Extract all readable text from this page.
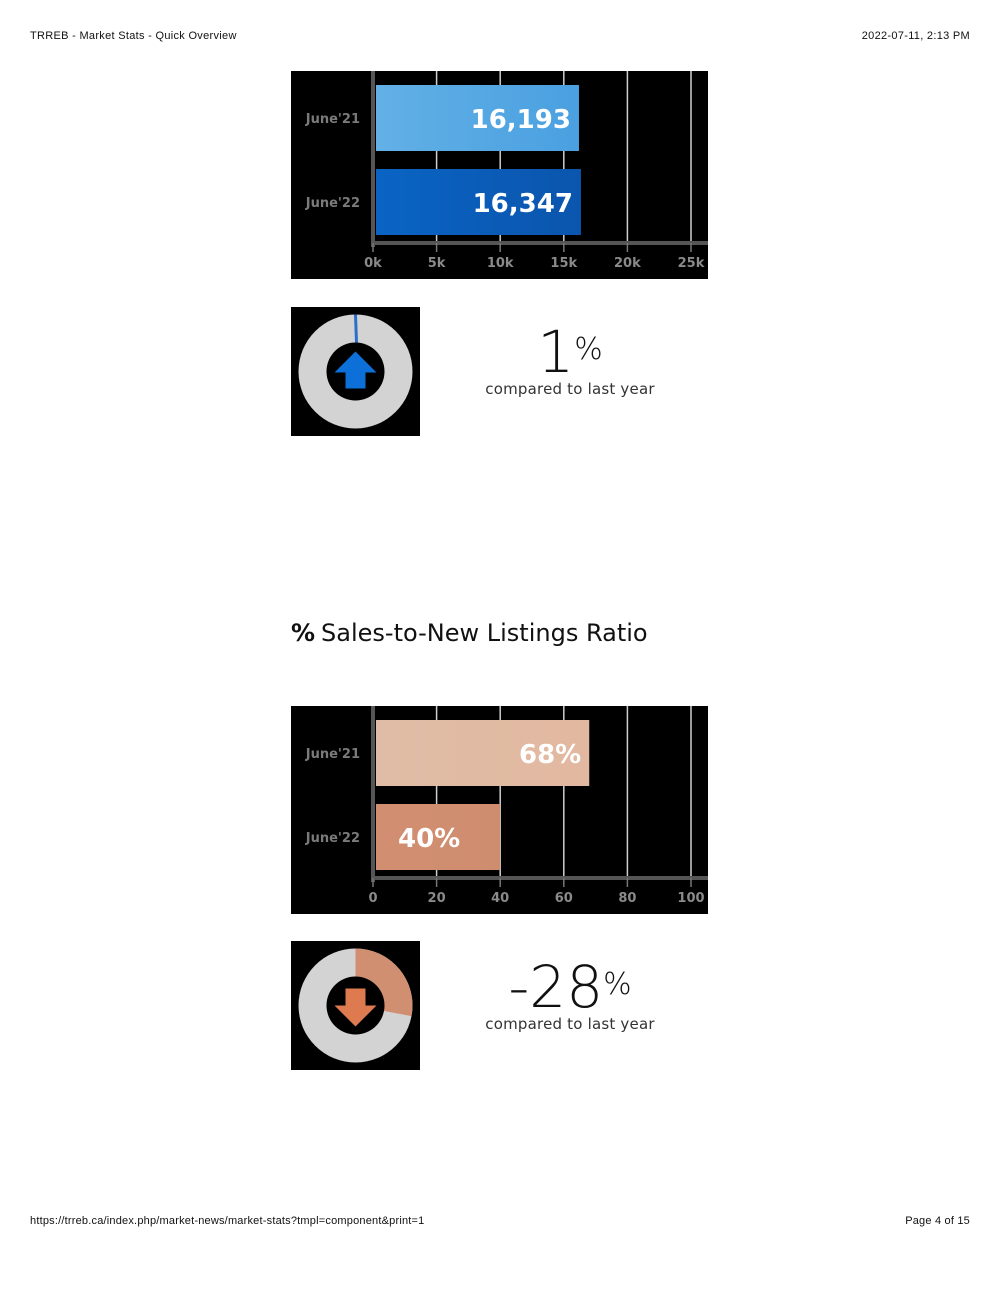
TRREB - Market Stats - Quick Overview	2022-07-11, 2:13 PM
16,193
June'21
16,347
June'22
0k	5k	10k	15k	20k	25k
1%
compared to last year
% Sales-to-New Listings Ratio
68%
June'21
40%
June'22
0	20	40	60	80	100
-28%
compared to last year
https://trreb.ca/index.php/market-news/market-stats?tmpl=component&print=1	Page 4 of 15
